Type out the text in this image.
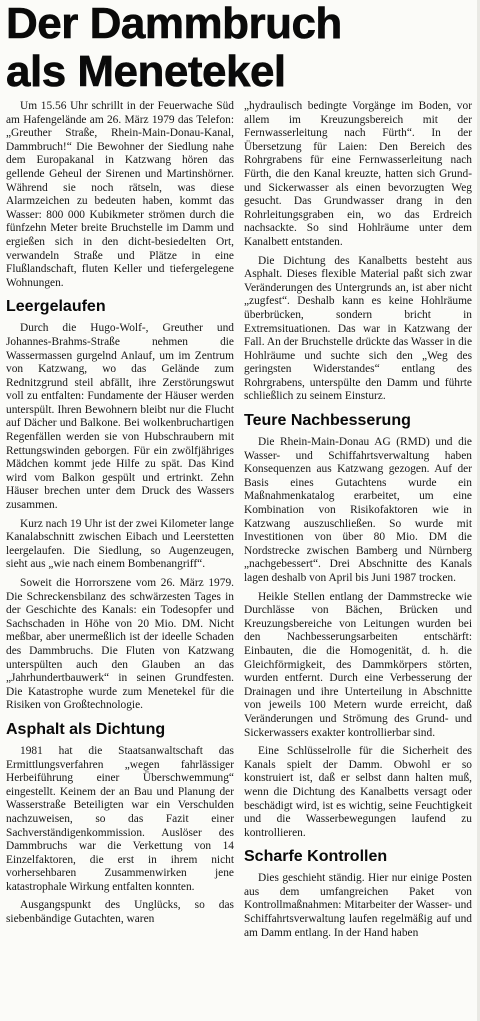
Der Dammbruch
als Menetekel

Um 15.56 Uhr schrillt in der Feuerwache Süd am Hafengelände am 26. März 1979 das Telefon: „Greuther Straße, Rhein-Main-Donau-Kanal, Dammbruch!“ Die Bewohner der Siedlung nahe dem Europakanal in Katzwang hören das gellende Geheul der Sirenen und Martinshörner. Während sie noch rätseln, was diese Alarmzeichen zu bedeuten haben, kommt das Wasser: 800 000 Kubikmeter strömen durch die fünfzehn Meter breite Bruchstelle im Damm und ergießen sich in den dicht-besiedelten Ort, verwandeln Straße und Plätze in eine Flußlandschaft, fluten Keller und tiefergelegene Wohnungen.

Leergelaufen

Durch die Hugo-Wolf-, Greuther und Johannes-Brahms-Straße nehmen die Wassermassen gurgelnd Anlauf, um im Zentrum von Katzwang, wo das Gelände zum Rednitzgrund steil abfällt, ihre Zerstörungswut voll zu entfalten: Fundamente der Häuser werden unterspült. Ihren Bewohnern bleibt nur die Flucht auf Dächer und Balkone. Bei wolkenbruchartigen Regenfällen werden sie von Hubschraubern mit Rettungswinden geborgen. Für ein zwölfjähriges Mädchen kommt jede Hilfe zu spät. Das Kind wird vom Balkon gespült und ertrinkt. Zehn Häuser brechen unter dem Druck des Wassers zusammen.

Kurz nach 19 Uhr ist der zwei Kilometer lange Kanalabschnitt zwischen Eibach und Leerstetten leergelaufen. Die Siedlung, so Augenzeugen, sieht aus „wie nach einem Bombenangriff“.

Soweit die Horrorszene vom 26. März 1979. Die Schreckensbilanz des schwärzesten Tages in der Geschichte des Kanals: ein Todesopfer und Sachschaden in Höhe von 20 Mio. DM. Nicht meßbar, aber unermeßlich ist der ideelle Schaden des Dammbruchs. Die Fluten von Katzwang unterspülten auch den Glauben an das „Jahrhundertbauwerk“ in seinen Grundfesten. Die Katastrophe wurde zum Menetekel für die Risiken von Großtechnologie.

Asphalt als Dichtung

1981 hat die Staatsanwaltschaft das Ermittlungsverfahren „wegen fahrlässiger Herbeiführung einer Überschwemmung“ eingestellt. Keinem der an Bau und Planung der Wasserstraße Beteiligten war ein Verschulden nachzuweisen, so das Fazit einer Sachverständigenkommission. Auslöser des Dammbruchs war die Verkettung von 14 Einzelfaktoren, die erst in ihrem nicht vorhersehbaren Zusammenwirken jene katastrophale Wirkung entfalten konnten.

Ausgangspunkt des Unglücks, so das siebenbändige Gutachten, waren

„hydraulisch bedingte Vorgänge im Boden, vor allem im Kreuzungsbereich mit der Fernwasserleitung nach Fürth“. In der Übersetzung für Laien: Den Bereich des Rohrgrabens für eine Fernwasserleitung nach Fürth, die den Kanal kreuzte, hatten sich Grund- und Sickerwasser als einen bevorzugten Weg gesucht. Das Grundwasser drang in den Rohrleitungsgraben ein, wo das Erdreich nachsackte. So sind Hohlräume unter dem Kanalbett entstanden.

Die Dichtung des Kanalbetts besteht aus Asphalt. Dieses flexible Material paßt sich zwar Veränderungen des Untergrunds an, ist aber nicht „zugfest“. Deshalb kann es keine Hohlräume überbrücken, sondern bricht in Extremsituationen. Das war in Katzwang der Fall. An der Bruchstelle drückte das Wasser in die Hohlräume und suchte sich den „Weg des geringsten Widerstandes“ entlang des Rohrgrabens, unterspülte den Damm und führte schließlich zu seinem Einsturz.

Teure Nachbesserung

Die Rhein-Main-Donau AG (RMD) und die Wasser- und Schiffahrtsverwaltung haben Konsequenzen aus Katzwang gezogen. Auf der Basis eines Gutachtens wurde ein Maßnahmenkatalog erarbeitet, um eine Kombination von Risikofaktoren wie in Katzwang auszuschließen. So wurde mit Investitionen von über 80 Mio. DM die Nordstrecke zwischen Bamberg und Nürnberg „nachgebessert“. Drei Abschnitte des Kanals lagen deshalb von April bis Juni 1987 trocken.

Heikle Stellen entlang der Dammstrecke wie Durchlässe von Bächen, Brücken und Kreuzungsbereiche von Leitungen wurden bei den Nachbesserungsarbeiten entschärft: Einbauten, die die Homogenität, d. h. die Gleichförmigkeit, des Dammkörpers störten, wurden entfernt. Durch eine Verbesserung der Drainagen und ihre Unterteilung in Abschnitte von jeweils 100 Metern wurde erreicht, daß Veränderungen und Strömung des Grund- und Sickerwassers exakter kontrollierbar sind.

Eine Schlüsselrolle für die Sicherheit des Kanals spielt der Damm. Obwohl er so konstruiert ist, daß er selbst dann halten muß, wenn die Dichtung des Kanalbetts versagt oder beschädigt wird, ist es wichtig, seine Feuchtigkeit und die Wasserbewegungen laufend zu kontrollieren.

Scharfe Kontrollen

Dies geschieht ständig. Hier nur einige Posten aus dem umfangreichen Paket von Kontrollmaßnahmen: Mitarbeiter der Wasser- und Schiffahrtsverwaltung laufen regelmäßig auf und am Damm entlang. In der Hand haben
